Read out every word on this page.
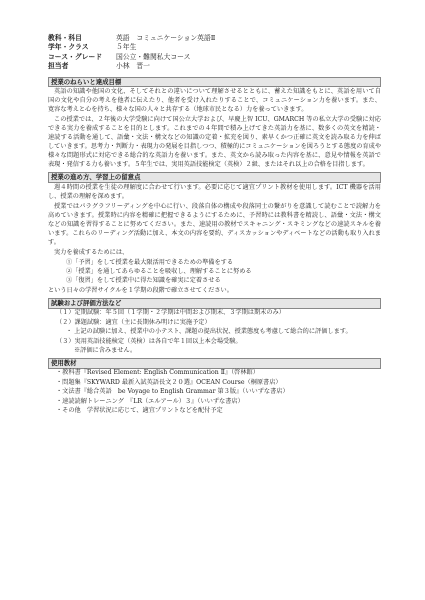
教科・科目	英語　コミュニケーション英語Ⅱ
学年・クラス	５年生
コース・グレード	国公立・難関私大コース
担当者	小林　晋一
授業のねらいと達成目標
英語の知識や他国の文化、そしてそれとの違いについて理解させるとともに、蓄えた知識をもとに、英語を用いて自国の文化や自分の考えを他者に伝えたり、他者を受け入れたりすることで、コミュニケーション力を養います。また、寛容な考えと心を持ち、様々な国の人々と共存する（地球市民となる）力を養っていきます。
この授業では、２年後の大学受験に向けて国公立大学および、早慶上智 ICU、GMARCH 等の私立大学の受験に対応できる実力を養成することを目的とします。これまでの４年間で積み上げてきた英語力を基に、数多くの英文を精読・速読する活動を通して、語彙・文法・構文などの知識の定着・拡充を図り、素早くかつ正確に英文を読み取る力を伸ばしていきます。思考力・判断力・表現力の発展を目指しつつ、積極的にコミュニケーションを図ろうとする態度の育成や様々な問題形式に対応できる総合的な英語力を養います。また、英文から読み取った内容を基に、意見や情報を英語で表現・発信する力も養います。５年生では、実用英語技能検定（英検）２級、またはそれ以上の合格を目指します。
授業の進め方、学習上の留意点
週４時間の授業を生徒の理解度に合わせて行います。必要に応じて適宜プリント教材を使用します。ICT 機器を活用し、授業の理解を深めます。
授業ではパラグラフリーディングを中心に行い、段落自体の構成や段落同士の繋がりを意識して読むことで読解力を高めていきます。授業時に内容を精確に把握できるようにするために、予習時には教科書を精読し、語彙・文法・構文などの知識を習得することに努めてください。また、速読用の教材でスキャニング・スキミングなどの速読スキルを養います。これらのリーディング活動に加え、本文の内容を要約、ディスカッションやディベートなどの活動も取り入れます。
実力を養成するためには、
①「予習」をして授業を最大限活用できるための準備をする
②「授業」を通してあらゆることを吸収し、理解することに努める
③「復習」をして授業中に得た知識を確実に定着させる
という日々の学習サイクルを１学期の段階で確立させてください。
試験および評価方法など
（１）定期試験：年５回（１学期・２学期は中間および期末、３学期は期末のみ）
（２）課題試験：適宜（主に長期休み明けに実施予定）
・ 上記の試験に加え、授業中の小テスト、課題の提出状況、授業態度も考慮して総合的に評価します。
（３）実用英語技能検定（英検）は各自で年１回以上本会場受験。
※評価に含みません。
使用教材
・教科書『Revised Element: English Communication Ⅱ』（啓林館）
・問題集『SKYWARD 最新入試英語長文２０選』OCEAN Course（桐原書店）
・文法書『総合英語　be Voyage to English Grammar 第３版』（いいずな書店）
・速読読解トレーニング　『LR（エルアール）３』（いいずな書店）
・その他　学習状況に応じて、適宜プリントなどを配付予定
